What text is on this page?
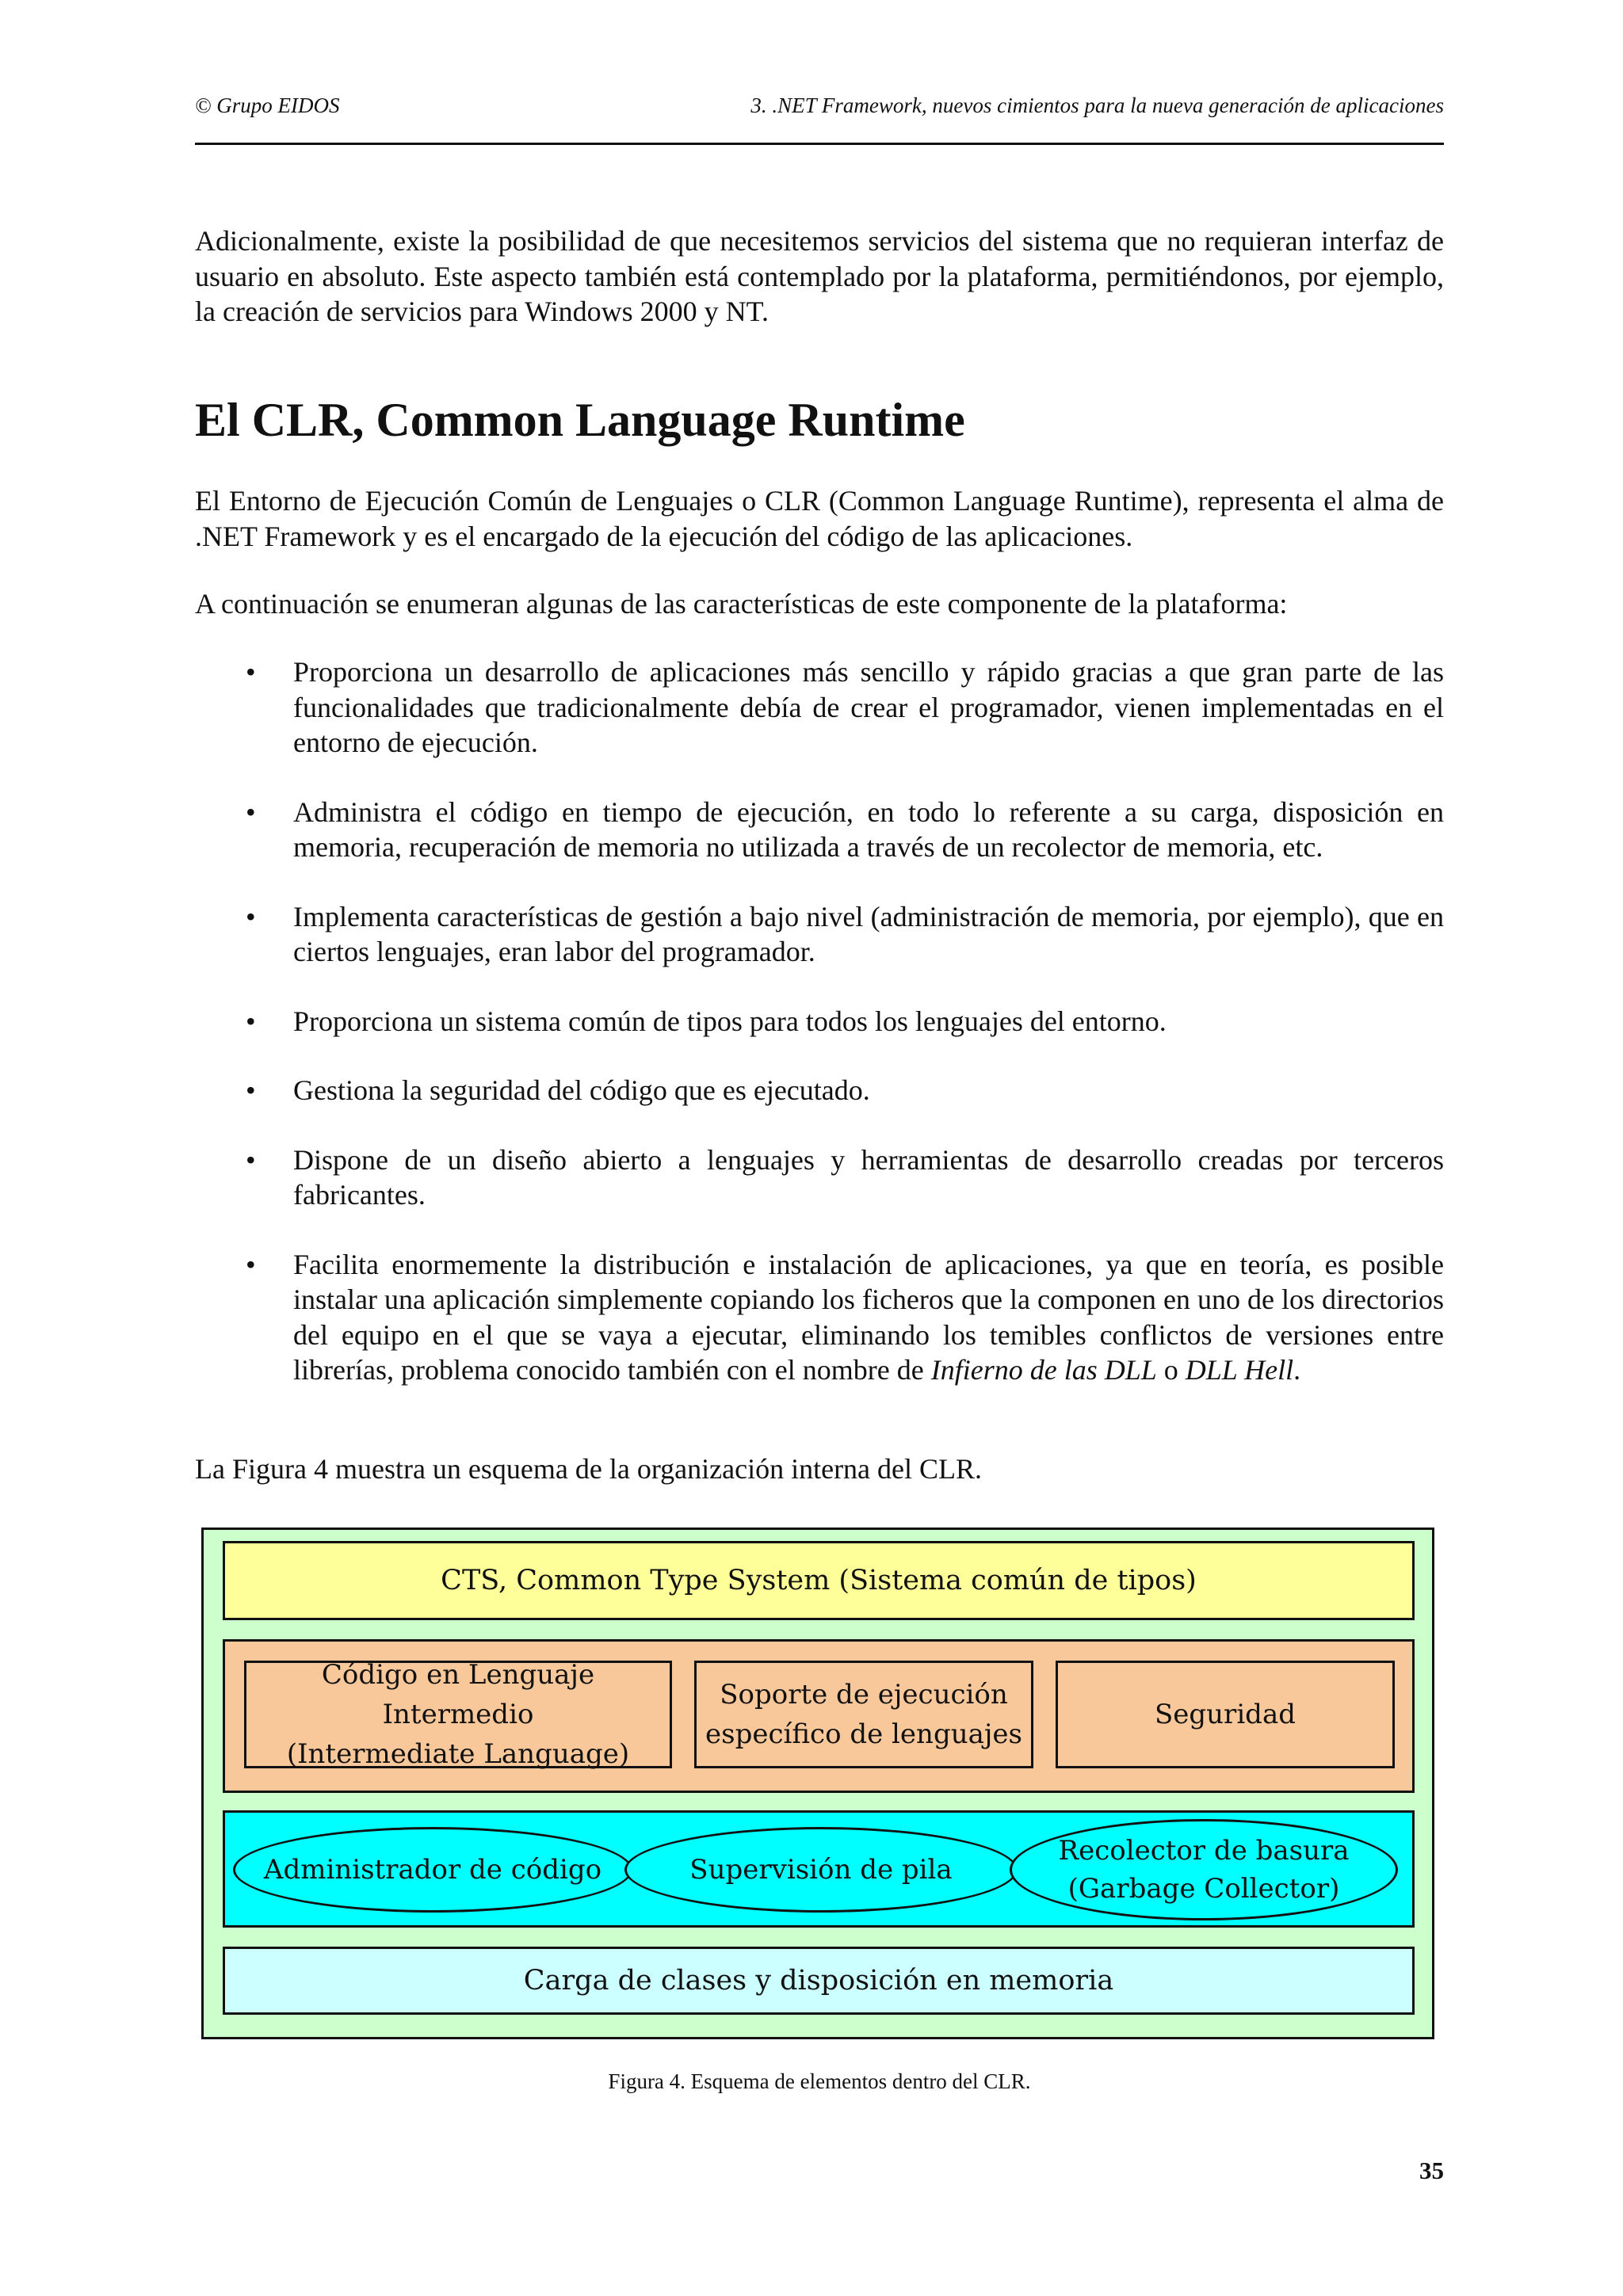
© Grupo EIDOS	3. .NET Framework, nuevos cimientos para la nueva generación de aplicaciones

Adicionalmente, existe la posibilidad de que necesitemos servicios del sistema que no requieran interfaz de usuario en absoluto. Este aspecto también está contemplado por la plataforma, permitiéndonos, por ejemplo, la creación de servicios para Windows 2000 y NT.

El CLR, Common Language Runtime

El Entorno de Ejecución Común de Lenguajes o CLR (Common Language Runtime), representa el alma de .NET Framework y es el encargado de la ejecución del código de las aplicaciones.

A continuación se enumeran algunas de las características de este componente de la plataforma:

• Proporciona un desarrollo de aplicaciones más sencillo y rápido gracias a que gran parte de las funcionalidades que tradicionalmente debía de crear el programador, vienen implementadas en el entorno de ejecución.
• Administra el código en tiempo de ejecución, en todo lo referente a su carga, disposición en memoria, recuperación de memoria no utilizada a través de un recolector de memoria, etc.
• Implementa características de gestión a bajo nivel (administración de memoria, por ejemplo), que en ciertos lenguajes, eran labor del programador.
• Proporciona un sistema común de tipos para todos los lenguajes del entorno.
• Gestiona la seguridad del código que es ejecutado.
• Dispone de un diseño abierto a lenguajes y herramientas de desarrollo creadas por terceros fabricantes.
• Facilita enormemente la distribución e instalación de aplicaciones, ya que en teoría, es posible instalar una aplicación simplemente copiando los ficheros que la componen en uno de los directorios del equipo en el que se vaya a ejecutar, eliminando los temibles conflictos de versiones entre librerías, problema conocido también con el nombre de Infierno de las DLL o DLL Hell.

La Figura 4 muestra un esquema de la organización interna del CLR.

CTS, Common Type System (Sistema común de tipos)
Código en Lenguaje Intermedio
(Intermediate Language)
Soporte de ejecución
específico de lenguajes
Seguridad
Administrador de código	Supervisión de pila
Recolector de basura
(Garbage Collector)
Carga de clases y disposición en memoria
Figura 4. Esquema de elementos dentro del CLR.
35
